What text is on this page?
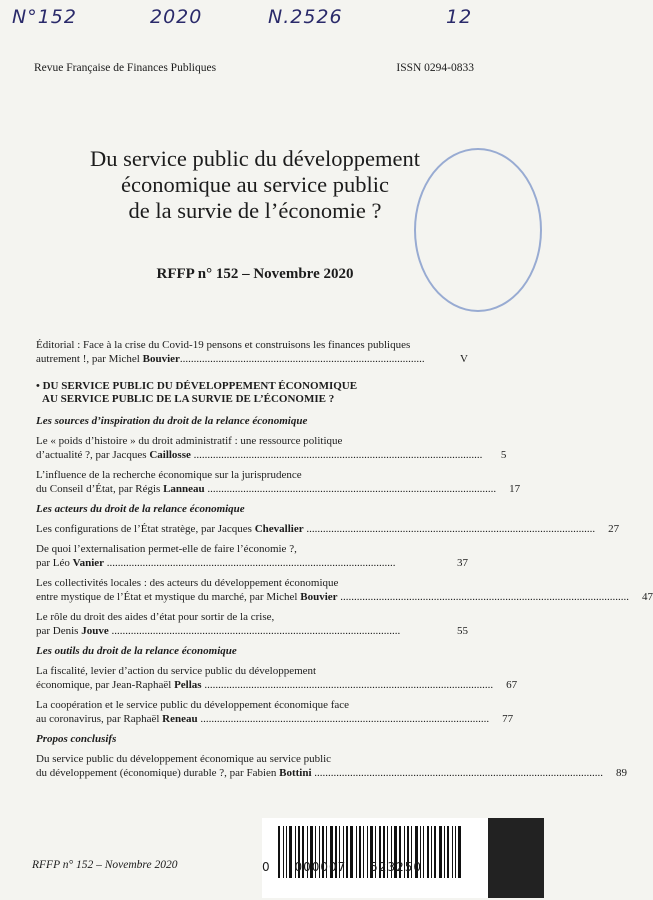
N°152	2020	N.2526	12
Revue Française de Finances Publiques	ISSN 0294-0833
Du service public du développement
économique au service public
de la survie de l’économie ?
RFFP n° 152 – Novembre 2020
Éditorial : Face à la crise du Covid-19 pensons et construisons les finances publiques autrement !, par Michel Bouvier.........................................................................................	V
• DU SERVICE PUBLIC DU DÉVELOPPEMENT ÉCONOMIQUE
AU SERVICE PUBLIC DE LA SURVIE DE L’ÉCONOMIE ?
Les sources d’inspiration du droit de la relance économique
Le « poids d’histoire » du droit administratif : une ressource politique
d’actualité ?, par Jacques Caillosse .........................................................................................................	5
L’influence de la recherche économique sur la jurisprudence
du Conseil d’État, par Régis Lanneau .........................................................................................................	17
Les acteurs du droit de la relance économique
Les configurations de l’État stratège, par Jacques Chevallier .........................................................................................................	27
De quoi l’externalisation permet-elle de faire l’économie ?,
par Léo Vanier .........................................................................................................	37
Les collectivités locales : des acteurs du développement économique
entre mystique de l’État et mystique du marché, par Michel Bouvier .........................................................................................................	47
Le rôle du droit des aides d’état pour sortir de la crise,
par Denis Jouve .........................................................................................................	55
Les outils du droit de la relance économique
La fiscalité, levier d’action du service public du développement
économique, par Jean-Raphaël Pellas .........................................................................................................	67
La coopération et le service public du développement économique face
au coronavirus, par Raphaël Reneau .........................................................................................................	77
Propos conclusifs
Du service public du développement économique au service public
du développement (économique) durable ?, par Fabien Bottini .........................................................................................................	89
RFFP n° 152 – Novembre 2020	0 000007 523250
